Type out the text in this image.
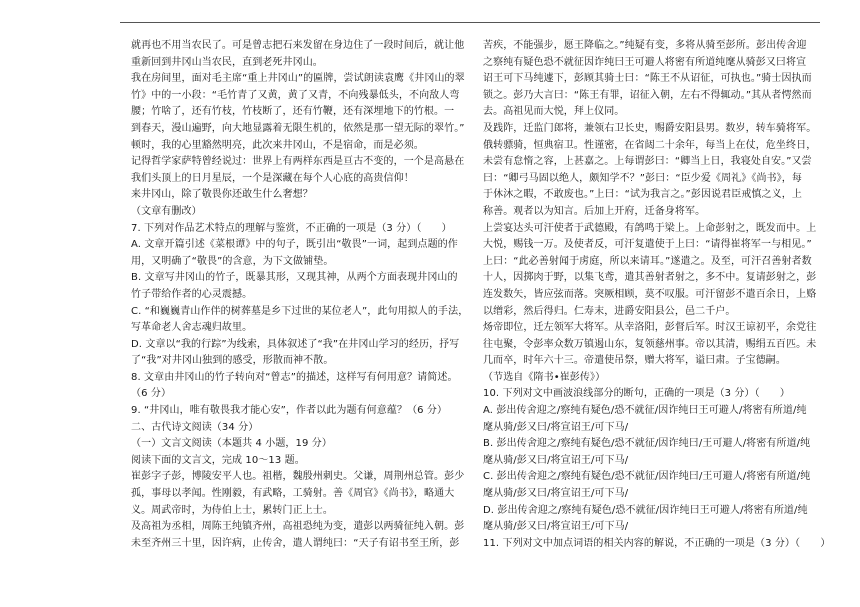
就再也不用当农民了。可是曾志把石来发留在身边住了一段时间后，就让他

重新回到井冈山当农民，直到老死井冈山。

我在房间里，面对毛主席“重上井冈山”的匾牌，尝试朗读袁鹰《井冈山的翠

竹》中的一小段：“毛竹青了又黄，黄了又青，不向残暴低头，不向敌人弯

腰；竹啥了，还有竹枝，竹枝断了，还有竹鞭，还有深埋地下的竹根。一

到春天，漫山遍野，向大地显露着无限生机的，依然是那一望无际的翠竹。”

顿时，我的心里豁然明亮，此次来井冈山，不是宿命，而是必须。

记得哲学家萨特曾经说过：世界上有两样东西是亘古不变的，一个是高悬在

我们头顶上的日月星辰，一个是深藏在每个人心底的高贵信仰！

来井冈山，除了敬畏你还敢生什么奢想？

（文章有删改）

7. 下列对作品艺术特点的理解与鉴赏，不正确的一项是（3 分）（　　）

A. 文章开篇引述《菜根谭》中的句子，既引出“敬畏”一词，起到点题的作

用，又明确了“敬畏”的含意，为下文做铺垫。

B. 文章写井冈山的竹子，既暴其形，又现其神，从两个方面表现井冈山的

竹子带给作者的心灵震撼。

C. “和巍巍青山作伴的树葬墓是乡下过世的某位老人”，此句用拟人的手法，

写革命老人舍志魂归故里。

D. 文章以“我的行踪”为线索，具体叙述了“我”在井冈山学习的经历，抒写

了“我”对井冈山独到的感受，形散而神不散。

8. 文章由井冈山的竹子转向对“曾志”的描述，这样写有何用意？请简述。

（6 分）

9. “井冈山，唯有敬畏我才能心安”，作者以此为题有何意蕴？（6 分）

二、古代诗文阅读（34 分）

（一）文言文阅读（本题共 4 小题，19 分）

阅读下面的文言文，完成 10～13 题。

崔彭字子彭，博陵安平人也。祖楷，魏殷州刺史。父谦，周荆州总管。彭少

孤，事母以孝闻。性刚毅，有武略，工骑射。善《周官》《尚书》，略通大

义。周武帝时，为侍伯上士，累转门正上士。

及高祖为丞相，周陈王纯镇齐州，高祖恐纯为变，遣彭以两骑征纯入朝。彭

未至齐州三十里，因许病，止传舍，遣人谓纯曰：“天子有诏书至王所，彭

苦疾，不能强步，愿王降临之。”纯疑有变，多将从骑至彭所。彭出传舍迎

之察纯有疑色恐不就征因诈纯曰王可避人将密有所道纯麾从骑彭又曰将宣

诏王可下马纯遽下，彭顾其骑士曰：“陈王不从诏征，可执也。”骑士因执而

锁之。彭乃大言曰：“陈王有罪，诏征入朝，左右不得辄动。”其从者愕然而

去。高祖见而大悦，拜上仪同。

及践阼，迁监门郎将，兼领右卫长史，赐爵安阳县男。数岁，转车骑将军。

俄转骠骑，恒典宿卫。性谨密，在省闼二十余年，每当上在仗，危坐终日，

未尝有怠惰之容，上甚嘉之。上每谓彭曰：“卿当上日，我寝处自安。”又尝

曰：“卿弓马固以绝人，颇知学不？”彭曰：“臣少爱《周礼》《尚书》，每

于休沐之暇，不敢废也。”上曰：“试为我言之。”彭因说君臣戒慎之义，上

称善。观者以为知言。后加上开府，迁备身将军。

上尝宴达头可汗使者于武德殿，有鸽鸣于梁上。上命彭射之，既发而中。上

大悦，赐钱一万。及使者反，可汗复遣使于上曰：“请得崔将军一与相见。”

上曰：“此必善射闻于虏庭，所以来请耳。”遂遣之。及至，可汗召善射者数

十人，因掷肉于野，以集飞鸢，遣其善射者射之，多不中。复请彭射之，彭

连发数矢，皆应弦而落。突厥相顾，莫不叹服。可汗留彭不遣百余日，上赂

以缯彩，然后得归。仁寿末，进爵安阳县公，邑二千户。

炀帝即位，迁左领军大将军。从幸洛阳，彭督后军。时汉王谅初平，余党往

往屯聚，令彭率众数万镇遏山东，复领慈州事。帝以其清，赐绢五百匹。未

几而卒，时年六十三。帝遣使吊祭，赠大将军，谥曰肃。子宝德嗣。

（节选自《隋书•崔彭传》）

10. 下列对文中画波浪线部分的断句，正确的一项是（3 分）（　　）

A. 彭出传舍迎之/察纯有疑色/恐不就征/因诈纯曰王可避人/将密有所道/纯

麾从骑/彭又曰/将宣诏王/可下马/

B. 彭出传舍迎之/察纯有疑色/恐不就征/因诈纯曰/王可避人/将密有所道/纯

麾从骑/彭又曰/将宣诏王/可下马/

C. 彭出传舍迎之/察纯有疑色/恐不就征/因诈纯曰/王可避人/将密有所道/纯

麾从骑/彭又曰/将宣诏王/可下马/

D. 彭出传舍迎之/察纯有疑色/恐不就征/因诈纯曰王可避人/将密有所道/纯

麾从骑/彭又曰/将宣诏王/可下马/

11. 下列对文中加点词语的相关内容的解说，不正确的一项是（3 分）（　　）
